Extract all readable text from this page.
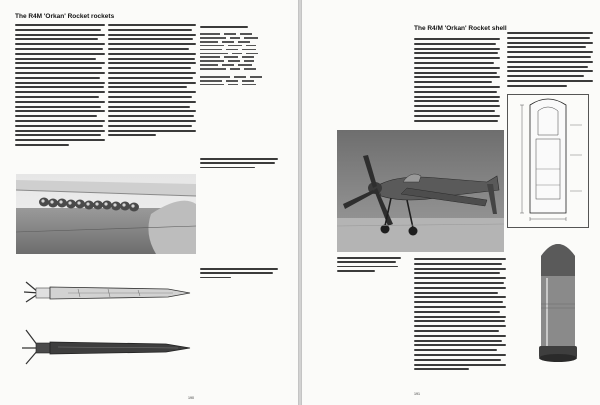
The R4M 'Orkan' Rocket rockets
190
The R4/M 'Orkan' Rocket shell
191
